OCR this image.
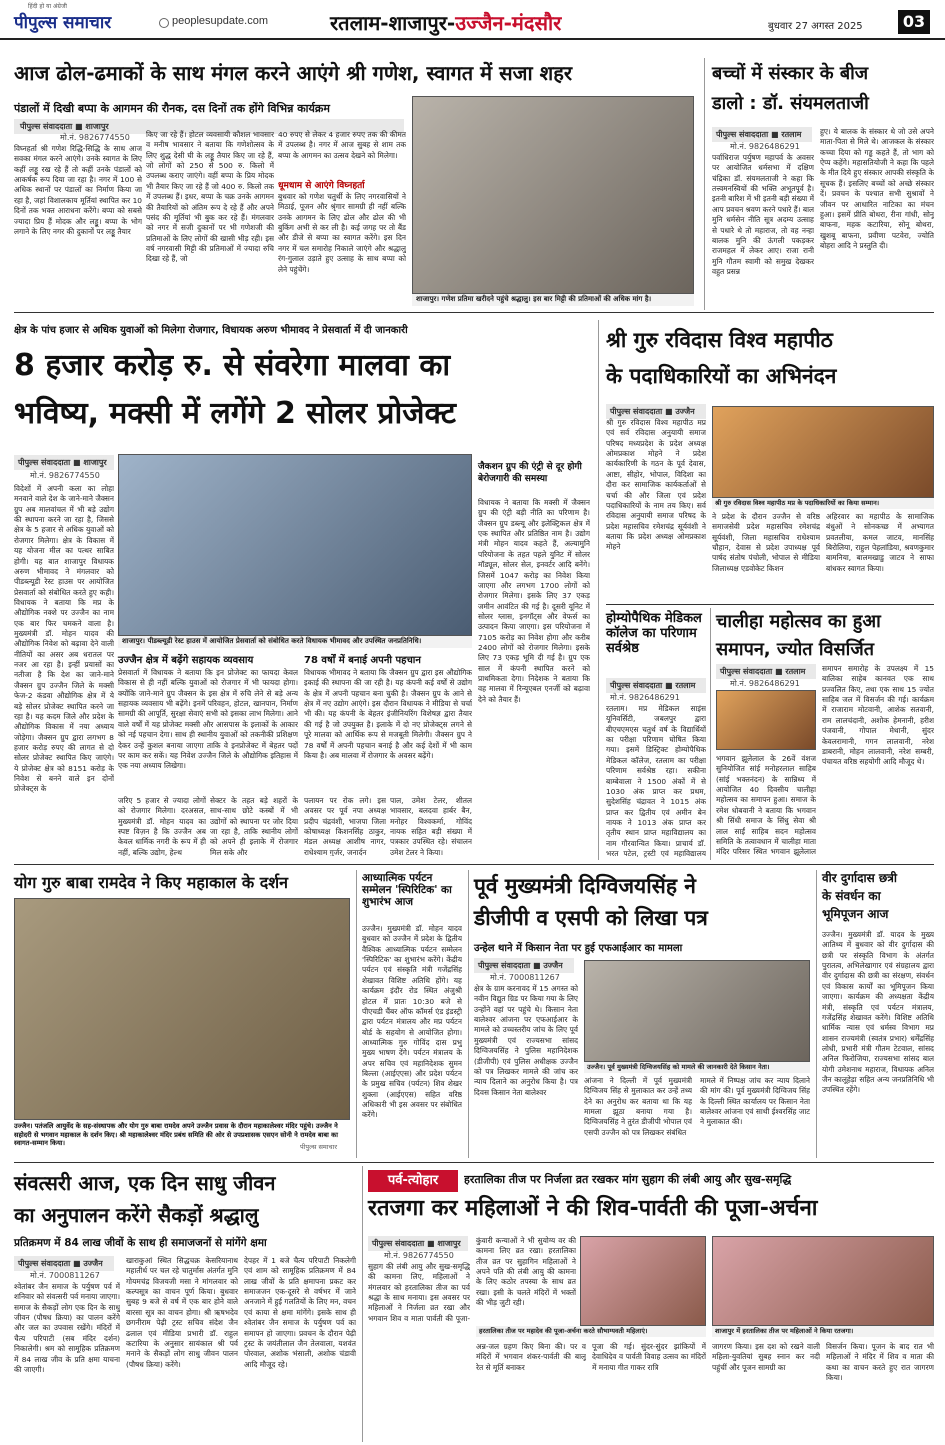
हिंदी हो या अंग्रेजी
पीपुल्स समाचार	peoplesupdate.com	रतलाम-शाजापुर-उज्जैन-मंदसौर	बुधवार 27 अगस्त 2025	03
आज ढोल-ढमाकों के साथ मंगल करने आएंगे श्री गणेश, स्वागत में सजा शहर
पंडालों में दिखी बप्पा के आगमन की रौनक, दस दिनों तक होंगे विभिन्न कार्यक्रम
पीपुल्स संवाददाता ■ शाजापुर
मो.नं. 9826774550
विघ्नहर्ता श्री गणेश रिद्धि-सिद्धि के साथ आज सवका मंगल करने आएंगे। उनके स्वागत के लिए कहीं लड्डू रख रहे हैं तो कहीं उनके पंडालों को आकर्षक रूप दिया जा रहा है। नगर में 100 से अधिक स्थानों पर पंडालों का निर्माण किया जा रहा है, जहां विशालकाय मूर्तियां स्थापित कर 10 दिनों तक भक्त आराधना करेंगे। बप्पा को सबसे ज्यादा प्रिय हैं मोदक और लड्डू। बप्पा के भोग लगाने के लिए नगर की दुकानों पर लड्डू तैयार
किए जा रहे हैं। होटल व्यवसायी कौशल भावसार व मनीष भावसार ने बताया कि गणेशोत्सव के लिए शुद्ध देसी घी के लड्डू तैयार किए जा रहे हैं, जो लोगों को 250 से 500 रु. किलो में उपलब्ध कराए जाएंगे। वहीं बप्पा के प्रिय मोदक भी तैयार किए जा रहे हैं जो 400 रु. किलो तक में उपलब्ध हैं। इधर, बप्पा के चक्र उनके आगमन की तैयारियों को अंतिम रूप दे रहे हैं और अपने पसंद की मूर्तियां भी बुक कर रहे हैं। मंगलवार को नगर में सजी दुकानों पर भी गणेशजी की प्रतिमाओं के लिए लोगों की खासी भीड़ रही। इस वर्ष नगरवासी मिट्टी की प्रतिमाओं में ज्यादा रुचि दिखा रहे हैं, जो
40 रुपए से लेकर 4 हजार रुपए तक की कीमत में उपलब्ध है। नगर में आज सुबह से शाम तक बप्पा के आगमन का उत्सव देखने को मिलेगा।
धूमधाम से आएंगे विघ्नहर्ता
बुधवार को गणेश चतुर्थी के लिए नगरवासियों ने मिठाई, पूजन और श्रृंगार सामग्री ही नहीं बल्कि उनके आगमन के लिए ढोल और ढोल की भी बुकिंग अभी से कर ली है। कई जगह पर तो बैंड और डीजे से बप्पा का स्वागत करेंगे। इस दिन नगर में चल समारोह निकाले जाएंगे और श्रद्धालु रंग-गुलाल उड़ाते हुए उत्साह के साथ बप्पा को लेने पहुंचेंगे।
शाजापुर। गणेश प्रतिमा खरीदने पहुंचे श्रद्धालु। इस बार मिट्टी की प्रतिमाओं की अधिक मांग है।
बच्चों में संस्कार के बीज
डालो : डॉ. संयमलताजी
पीपुल्स संवाददाता ■ रतलाम
मो.नं. 9826486291
पर्वाधिराज पर्युषण महापर्व के अवसर पर आयोजित धर्मसभा में दक्षिण चंद्रिका डॉ. संयमलताजी ने कहा कि तत्त्वमनस्वियों की भक्ति अभूतपूर्व है। इतनी बारिश में भी इतनी बड़ी संख्या में आप प्रवचन श्रवण करने पधारे हैं। बाल मुनि धर्मसेन नीति सूत्र अदम्य उत्साह से पधारे थे तो महाराज, तो वह नन्हा बालक मुनि की ऊंगली पकड़कर राजमहल में लेकर आए। राजा रानी मुनि गौतम स्वामी को समुख देखकर वहुत प्रसन्न
हुए। ये बालक के संस्कार थे जो उसे अपने माता-पिता से मिले थे। आजकल के संस्कार कच्चा दिया को गड्ढ कहते हैं, तो भाग को ऐप्प कहेंगे। महासतियोजी ने कहा कि पहले के मीत दिये हुए संस्कार आपकी संस्कृति के सूचक हैं। इसलिए बच्चों को अच्छे संस्कार दें। प्रवचन के पश्चात सभी सुश्रावों ने जीवन पर आधारित नाटिका का मंचन हुआ। इसमें प्रीति बोथरा, रीना गांधी, सोनू बाफना, महक कटारिया, सोनू बोथरा, खुशबू बाफना, प्रवीणा पटवेरा, ज्योति बोहरा आदि ने प्रस्तुति दी।
क्षेत्र के पांच हजार से अधिक युवाओं को मिलेगा रोजगार, विधायक अरुण भीमावद ने प्रेसवार्ता में दी जानकारी
8 हजार करोड़ रु. से संवरेगा मालवा का
भविष्य, मक्सी में लगेंगे 2 सोलर प्रोजेक्ट
पीपुल्स संवाददाता ■ शाजापुर
मो.नं. 9826774550
विदेशों में अपनी कला का लोहा मनवाने वाले देश के जाने-माने जैक्सन ग्रुप अब मालवांचल में भी बड़े उद्योग की स्थापना करने जा रहा है, जिससे क्षेत्र के 5 हजार से अधिक युवाओं को रोजगार मिलेगा। क्षेत्र के विकास में यह योजना मील का पत्थर साबित होगी। यह बात शाजापुर विधायक अरुण भीमावद ने मंगलवार को पीडब्ल्यूडी रेस्ट हाउस पर आयोजित प्रेसवार्ता को संबोधित करते हुए कही। विधायक ने बताया कि मप्र के औद्योगिक नक्शे पर उज्जैन का नाम एक बार फिर चमकने वाला है। मुख्यमंत्री डॉ. मोहन यादव की औद्योगिक निवेश को बढ़ावा देने वाली नीतियों का असर अब धरातल पर नजर आ रहा है। इन्हीं प्रयासों का नतीजा है कि देश का जाने-माने जैक्सन ग्रुप उज्जैन जिले के मक्सी फेज-2 कंडवा औद्योगिक क्षेत्र में ये बड़े सोलर प्रोजेक्ट स्थापित करने जा रहा है। यह कदम जिले और प्रदेश के औद्योगिक विकास में नया अध्याय जोड़ेगा। जैक्सन ग्रुप द्वारा लगभग 8 हजार करोड़ रुपए की लागत से दो सोलर प्रोजेक्ट स्थापित किए जाएंगे। ये प्रोजेक्ट क्षेत्र को 8151 करोड़ के निवेश से बनने वाले इन दोनों प्रोजेक्ट्स के
शाजापुर। पीडब्ल्यूडी रेस्ट हाउस में आयोजित प्रेसवार्ता को संबोधित करते विधायक भीमावद और उपस्थित जनप्रतिनिधि।
उज्जैन क्षेत्र में बढ़ेंगे सहायक व्यवसाय
प्रेसवार्ता में विधायक ने बताया कि इन प्रोजेक्ट का फायदा केवल विकास से ही नहीं बल्कि युवाओं को रोजगार में भी फायदा होगा। क्योंकि जाने-माने ग्रुप जैक्सन के इस क्षेत्र में रुचि लेने से बड़े अन्य सहायक व्यवसाय भी बढ़ेंगे। इनमें परिवहन, होटल, खानपान, निर्माण सामग्री की आपूर्ति, सुरक्षा सेवाएं सभी को इसका लाभ मिलेगा। आने वाले वर्षों में यह प्रोजेक्ट मक्सी और आसपास के इलाकों के आकार को नई पहचान देगा। साथ ही स्थानीय युवाओं को तकनीकी प्रशिक्षण देकर उन्हें कुशल बनाया जाएगा ताकि वे इनप्रोजेक्ट में बेहतर पदों पर काम कर सकें। यह निवेश उज्जैन जिले के औद्योगिक इतिहास में एक नया अध्याय लिखेगा।
78 वर्षों में बनाई अपनी पहचान
विधायक भीमावद ने बताया कि जैक्सन ग्रुप द्वारा इस औद्योगिक इकाई की स्थापना की जा रही है। यह कंपनी कई वर्षों से उद्योग के क्षेत्र में अपनी पहचान बना चुकी है। जैक्सन ग्रुप के आने से क्षेत्र में नए उद्योग आएंगे। इस दौरान विधायक ने मीडिया से चर्चा भी की। यह कंपनी के बेहतर इंजीनियरिंग विशेषज्ञ द्वारा तैयार की गई है जो उपयुक्त है। इलाके में दो नए प्रोजेक्ट्स लगने से पूरे मालवा को आर्थिक रूप से मजबूती मिलेगी। जैक्सन ग्रुप ने 78 वर्षों में अपनी पहचान बनाई है और कई देशों में भी काम किया है। अब मालवा में रोजगार के अवसर बढ़ेंगे।
जरिए 5 हजार से ज्यादा लोगों को रोजगार मिलेगा। दरअसल, मुख्यमंत्री डॉ. मोहन यादव का स्पष्ट विज़न है कि उज्जैन अब केवल धार्मिक नगरी के रूप में ही नहीं, बल्कि उद्योग, हेल्थ
सेक्टर के तहत बड़े शहरों के साथ-साथ छोटे कस्बों में भी उद्योगों को स्थापना पर जोर दिया जा रहा है, ताकि स्थानीय लोगों को अपने ही इलाके में रोजगार मिल सके और
पलायन पर रोक लगे। इस अवसर पर पूर्व नपा अध्यक्ष प्रदीप चंद्रवंशी, भाजपा जिला कोषाध्यक्ष किशनसिंह ठाकुर, मंडल अध्यक्ष आशीष नागर, राधेश्याम गुर्जर, जनार्दन
पाल, उमेश टेलर, शीतल भावसार, बलदवा हार्बर बैन, मनोहर विश्वकर्मा, गोविंद नायक सहित बड़ी संख्या में पत्रकार उपस्थित रहे। संचालन उमेश टेलर ने किया।
जैकशन ग्रुप की एंट्री से दूर होगी बेरोजगारी की समस्या
विधायक ने बताया कि मक्सी में जैक्सन ग्रुप की एंट्री बड़ी नीति का परिणाम है। जैक्सन ग्रुप डब्ल्यू और इलेक्ट्रिकल क्षेत्र में एक स्थापित और प्रतिष्ठित नाम है। उद्योग मंत्री मोहन यादव कहते हैं, अल्यामुनि परियोजना के तहत पहले युनिट में सोलर मॉड्यूल, सोलर सेल, इनवर्टर आदि बनेंगे। जिसमें 1047 करोड़ का निवेश किया जाएगा और लगभग 1700 लोगों को रोजगार मिलेगा। इसके लिए 37 एकड़ जमीन आवंटित की गई है। दूसरी यूनिट में सोलर ग्लास, इनगॉट्स और वेफर्स का उत्पादन किया जाएगा। इस परियोजना में 7105 करोड़ का निवेश होगा और करीब 2400 लोगों को रोजगार मिलेगा। इसके लिए 73 एकड़ भूमि दी गई है। ग्रुप एक साल में कंपनी स्थापित करने को प्राथमिकता देगा। निदेशक ने बताया कि वह मालवा में रिन्यूएबल एनर्जी को बढ़ावा देने को तैयार हैं।
श्री गुरु रविदास विश्व महापीठ
के पदाधिकारियों का अभिनंदन
पीपुल्स संवाददाता ■ उज्जैन
श्री गुरु रविदास विश्व महापीठ मप्र एवं सर्व रविदास अनुयायी समाज परिषद मध्यप्रदेश के प्रदेश अध्यक्ष ओमप्रकाश मोहने ने प्रदेश कार्यकारिणी के गठन के पूर्व देवास, आष्टा, सीहोर, भोपाल, विदिशा का दौरा कर सामाजिक कार्यकर्ताओं से चर्चा की और जिला एवं प्रदेश पदाधिकारियों के नाम तय किए। सर्व रविदास अनुयायी समाज परिषद के प्रदेश महासचिव रमेशचंद्र सूर्यवंशी ने बताया कि प्रदेश अध्यक्ष ओमप्रकाश मोहने
श्री गुरु रविदास विश्व महापीठ मप्र के पदाधिकारियों का किया सम्मान।
ने प्रदेश के दौरान उज्जैन से वरिष्ठ समाजसेवी प्रदेश महासचिव रमेशचंद्र सूर्यवंशी, जिला महासचिव राधेश्याम चौहान, देवास से प्रदेश उपाध्यक्ष पूर्व पार्षद संतोष पंचोली, भोपाल से मीडिया जिलाध्यक्ष एडवोकेट किशन
अहिरवार का महापीठ के सामाजिक बंधुओं ने सोनकच्छ में अभ्यागत प्रवतलीया, कमल जाटव, मानसिंह बिरोलिया, राहुल पेहलांडिया, श्रवणकुमार बामनिया, बालमखाडु जाटव ने साफा बांधकर स्वागत किया।
होम्योपैथिक मेडिकल कॉलेज का परिणाम सर्वश्रेष्ठ
पीपुल्स संवाददाता ■ रतलाम
मो.नं. 9826486291
रतलाम। मप्र मेडिकल साइंस यूनिवर्सिटी, जबलपुर द्वारा बीएचएमएस चतुर्थ वर्ष के विद्यार्थियों का परीक्षा परिणाम घोषित किया गया। इसमें डिस्ट्रिक्ट होम्योपैथिक मेडिकल कॉलेज, रतलाम का परीक्षा परिणाम सर्वश्रेष्ठ रहा। सकीना बाम्बेवाला ने 1500 अंकों में से 1030 अंक प्राप्त कर प्रथम, सुदेशसिंह चंद्रावत ने 1015 अंक प्राप्त कर द्वितीय एवं अमीन बेन नायक ने 1013 अंक प्राप्त कर तृतीय स्थान प्राप्त महाविद्यालय का नाम गौरवान्वित किया। प्राचार्य डॉ. भरत पटेल, ट्रस्टी एवं महाविद्यालय
चालीहा महोत्सव का हुआ
समापन, ज्योत विसर्जित
पीपुल्स संवाददाता ■ रतलाम
मो.नं. 9826486291
भगवान झूलेलाल के 26वें वंशज सुनियोजित सांई मनोहरलाल साहिब (सांई भक्तनंदन) के सान्निध्य में आयोजित 40 दिवसीय चालीहा महोत्सव का समापन हुआ। समाज के रमेश धोबवानी ने बताया कि भगवान श्री सिंधी समाज के सिंधु सेवा श्री लाल साईं साहिब सदन महोत्सव समिति के तत्वावधान में चालीहा माता मंदिर परिसर स्थित भगवान झूलेलाल
समापन समारोह के उपलक्ष्य में 15 बालिका साहेब कानवत एक साथ प्रज्वलित किए, तथा एक साथ 15 ज्योत साहिब जल में विसर्जन की गई। कार्यक्रम में राजाराम मोटवानी, आशेक सतवानी, राम लालचंदानी, अशोक हेमनानी, हरीश पंजवानी, गोपाल मेथानी, सुंदर केवलरामानी, गगन लालवानी, नरेश डाबरानी, मोहन लालवानी, नरेश सम्बरी, पंचायत वरिष्ठ सहयोगी आदि मौजूद थे।
योग गुरु बाबा रामदेव ने किए महाकाल के दर्शन
उज्जैन। पतंजलि आयुर्वेद के सह-संस्थापक और योग गुरु बाबा रामदेव अपने उज्जैन प्रवास के दौरान महाकालेश्वर मंदिर पहुंचे। उज्जैन ने सहोदरी से भगवान महाकाल के दर्शन किए। श्री महाकालेश्वर मंदिर प्रबंध समिति की ओर से उपप्रशासक एसएन सोनी ने रामदेव बाबा का स्वागत-सम्मान किया।	पीपुल्स समाचार
आध्यात्मिक पर्यटन सम्मेलन 'स्पिरिटिक' का शुभारंभ आज
उज्जैन। मुख्यमंत्री डॉ. मोहन यादव बुधवार को उज्जैन में प्रदेश के द्वितीय वैश्विक आध्यात्मिक पर्यटन सम्मेलन 'स्पिरिटिक' का शुभारंभ करेंगे। केंद्रीय पर्यटन एवं संस्कृति मंत्री गजेंद्रसिंह शेखावत विशिष्ट अतिथि होंगे। यह कार्यक्रम इंदौर रोड स्थित अंजुश्री होटल में प्रातः 10:30 बजे से पीएचडी चैंबर ऑफ कॉमर्स एंड इंडस्ट्री द्वारा पर्यटन मंत्रालय और मप्र पर्यटन बोर्ड के सहयोग से आयोजित होगा। आध्यात्मिक गुरु गोविंद दास प्रभु मुख्य भाषण देंगे। पर्यटन मंत्रालय के अपर सचिव एवं महानिदेशक सुमन बिल्ला (आईएएस) और प्रदेश पर्यटन के प्रमुख सचिव (पर्यटन) शिव शेखर शुक्ला (आईएएस) सहित वरिष्ठ अधिकारी भी इस अवसर पर संबोधित करेंगे।
पूर्व मुख्यमंत्री दिग्विजयसिंह ने
डीजीपी व एसपी को लिखा पत्र
उन्हेल थाने में किसान नेता पर हुई एफआईआर का मामला
पीपुल्स संवाददाता ■ उज्जैन
मो.नं. 7000811267
क्षेत्र के ग्राम करनावद में 15 अगस्त को नवीन विद्युत ग्रिड पर किया गया के लिए उन्होंने वहां पर पहुंचे थे। किसान नेता बालेश्वर आंजना पर एफआईआर के मामले को उच्चस्तरीय जांच के लिए पूर्व मुख्यमंत्री एवं राज्यसभा सांसद दिग्विजयसिंह ने पुलिस महानिदेशक (डीजीपी) एवं पुलिस अधीक्षक उज्जैन को पत्र लिखकर मामले की जांच कर न्याय दिलाने का अनुरोध किया है। पत्र दिवस किसान नेता बालेश्वर
उज्जैन। पूर्व मुख्यमंत्री दिग्विजयसिंह को मामले की जानकारी देते किसान नेता।
आंजना ने दिल्ली में पूर्व मुख्यमंत्री दिग्विजय सिंह से मुलाकात कर उन्हें तथ्य देने का अनुरोध कर बताया था कि यह मामला झूठा बनाया गया है। दिग्विजयसिंह ने तुरंत डीजीपी भोपाल एवं एसपी उज्जैन को पत्र लिखकर संबंधित
मामले में निष्पक्ष जांच कर न्याय दिलाने की मांग की। पूर्व मुख्यमंत्री दिग्विजय सिंह के दिल्ली स्थित कार्यालय पर किसान नेता बालेश्वर आंजना एवं साथी ईश्वरसिंह जाट ने मुलाकात की।
वीर दुर्गादास छत्री
के संवर्धन का
भूमिपूजन आज
उज्जैन। मुख्यमंत्री डॉ. यादव के मुख्य आतिथ्य में बुधवार को वीर दुर्गादास की छत्री पर संस्कृति विभाग के अंतर्गत पुरातत्व, अभिलेखागार एवं संग्रहालय द्वारा वीर दुर्गादास की छत्री का संरक्षण, संवर्धन एवं विकास कार्यों का भूमिपूजन किया जाएगा। कार्यक्रम की अध्यक्षता केंद्रीय मंत्री, संस्कृति एवं पर्यटन मंत्रालय, गजेंद्रसिंह शेखावत करेंगे। विशिष्ट अतिथि धार्मिक न्यास एवं धर्मस्व विभाग मप्र शासन राज्यमंत्री (स्वतंत्र प्रभार) धर्मेंद्रसिंह लोधी, प्रभारी मंत्री गौतम टेटवाल, सांसद अनिल फिरोजिया, राज्यसभा सांसद बाल योगी उमेशनाथ महाराज, विधायक अनिल जैन कालूहेड़ा सहित अन्य जनप्रतिनिधि भी उपस्थित रहेंगे।
संवत्सरी आज, एक दिन साधु जीवन
का अनुपालन करेंगे सैकड़ों श्रद्धालु
प्रतिक्रमण में 84 लाख जीवों के साथ ही समाजजनों से मांगेंगे क्षमा
पीपुल्स संवाददाता ■ उज्जैन
मो.नं. 7000811267
श्वेतांबर जैन समाज के पर्युषण पर्व में शनिवार को संवत्सरी पर्व मनाया जाएगा। समाज के सैकड़ों लोग एक दिन के साधु जीवन (पौषध क्रिया) का पालन करेंगे और जल का उपवास रखेंगे। मंदिरों में चैत्य परिपाटी (सब मंदिर दर्शन) निकालेगी। श्रम को सामूहिक प्रतिक्रमण में 84 लाख जीव के प्रति क्षमा याचना की जाएगी।
खाराकुआं स्थित सिद्धचक्र केसरियानाथ महातीर्थ पर चल रहे चातुर्मास अंतर्गत मुनि गोयमचंद्र विजयजी मसा ने मांगलवार को कल्पसूत्र का वाचन पूर्ण किया। बुधवार सुबह 9 बजे से वर्ष में एक बार होने वाले बारसा सूत्र का वाचन होगा। श्री ऋषभदेव छगनीराम पेढ़ी ट्रस्ट सचिव संदेश जैन ढलाल एवं मीडिया प्रभारी डॉ. राहुल कटारिया के अनुसार सायंकाल श्री पर्व मनाने के सैकड़ों लोग साधु जीवन पालन (पौषध क्रिया) करेंगे।
देपहर में 1 बजे चैत्य परिपाटी निकलेगी एवं शाम को सामूहिक प्रतिक्रमण में 84 लाख जीवों के प्रति क्षमापना प्रकट कर समाजजन एक-दूसरे से वर्षभर में जाने अनजाने में हुई गलतियों के लिए मन, वचन एवं काया से क्षमा मांगेंगे। इसके साथ ही श्वेतांबर जैन समाज के पर्युषण पर्व का समापन हो जाएगा। प्रवचन के दौरान पेढ़ी ट्रस्ट के जयंतीलाल जैन तेलवाला, यशवंत पोरवाल, अशोक भंसाली, अशोक चंडावी आदि मौजूद रहे।
पर्व-त्योहार	हरतालिका तीज पर निर्जला व्रत रखकर मांग सुहाग की लंबी आयु और सुख-समृद्धि
रतजगा कर महिलाओं ने की शिव-पार्वती की पूजा-अर्चना
पीपुल्स संवाददाता ■ शाजापुर
मो.नं. 9826774550
सुहाग की लंबी आयु और सुख-समृद्धि की कामना लिए, महिलाओं ने मंगलवार को हरतालिका तीज का पर्व श्रद्धा के साथ मनाया। इस अवसर पर महिलाओं ने निर्जला व्रत रखा और भगवान शिव व माता पार्वती की पूजा-
कुंवारी कन्याओं ने भी सुयोग्य वर की कामना लिए व्रत रखा। हरतालिका तीज व्रत पर सुहागिन महिलाओं ने अपने पति की लंबी आयु की कामना के लिए कठोर तपस्या के साथ व्रत रखा। इसी के चलते मंदिरों में भक्तों की भीड़ जुटी रही।
हरतालिका तीज पर महादेव की पूजा-अर्चना करते सौभाग्यवती महिलाएं।	शाजापुर में हरतालिका तीज पर महिलाओं ने किया रतजगा।
अन्न-जल ग्रहण किए बिना की। पर व मंदिरों में भगवान शंकर-पार्वती की बालू रेत से मूर्ति बनाकर
पूजा की गई। सुंदर-सुंदर झांकियों में देवाधिदेव व पार्वती विवाह उत्सव का मंदिरों में मनाया गीत गाकर रात्रि
जागरण किया। इस दश को रखने वाली महिला-युवतियां सुबह स्नान कर नदी पहुंचीं और पूजन सामग्री का
विसर्जन किया। पूजन के बाद रात भी महिलाओं ने मंदिर में शिव व माता की कथा का वाचन करते हुए रात जागरण किया।
